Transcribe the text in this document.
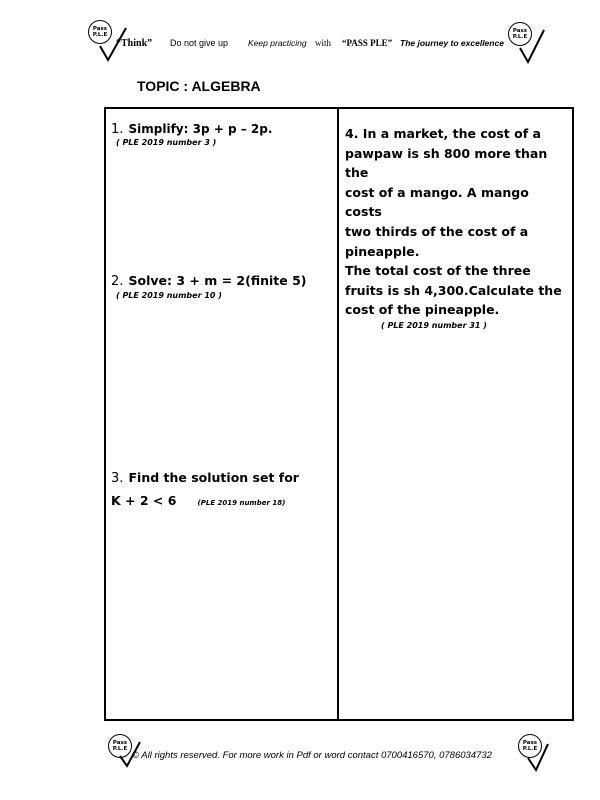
Pass
P.L.E
“Think” Do not give up Keep practicing with “PASS PLE” The journey to excellence
Pass
P.L.E
TOPIC : ALGEBRA
1. Simplify: 3p + p – 2p.
( PLE 2019 number 3 )
2. Solve: 3 + m = 2(finite 5)
( PLE 2019 number 10 )
3. Find the solution set for
K + 2 < 6	(PLE 2019 number 18)
4. In a market, the cost of a
pawpaw is sh 800 more than the
cost of a mango. A mango costs
two thirds of the cost of a
pineapple.
The total cost of the three
fruits is sh 4,300.Calculate the
cost of the pineapple.
( PLE 2019 number 31 )
Pass
P.L.E
© All rights reserved. For more work in Pdf or word contact 0700416570, 0786034732
Pass
P.L.E
